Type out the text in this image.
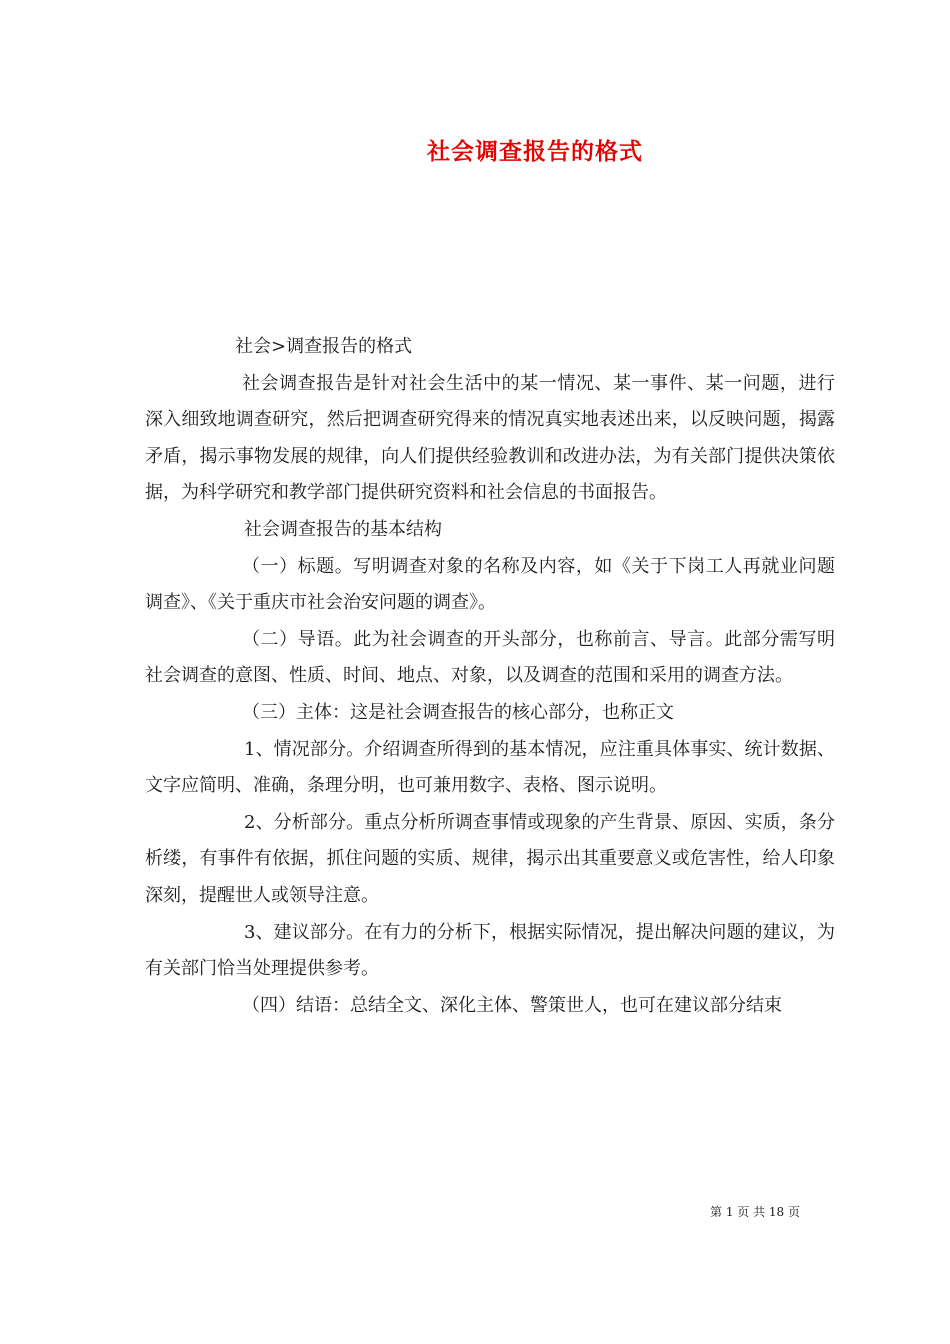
社会调查报告的格式

社会>调查报告的格式

社会调查报告是针对社会生活中的某一情况、某一事件、某一问题，进行深入细致地调查研究，然后把调查研究得来的情况真实地表述出来，以反映问题，揭露矛盾，揭示事物发展的规律，向人们提供经验教训和改进办法，为有关部门提供决策依据，为科学研究和教学部门提供研究资料和社会信息的书面报告。

社会调查报告的基本结构

（一）标题。写明调查对象的名称及内容，如《关于下岗工人再就业问题调查》、《关于重庆市社会治安问题的调查》。

（二）导语。此为社会调查的开头部分，也称前言、导言。此部分需写明社会调查的意图、性质、时间、地点、对象，以及调查的范围和采用的调查方法。

（三）主体：这是社会调查报告的核心部分，也称正文

1、情况部分。介绍调查所得到的基本情况，应注重具体事实、统计数据、文字应简明、准确，条理分明，也可兼用数字、表格、图示说明。

2、分析部分。重点分析所调查事情或现象的产生背景、原因、实质，条分析缕，有事件有依据，抓住问题的实质、规律，揭示出其重要意义或危害性，给人印象深刻，提醒世人或领导注意。

3、建议部分。在有力的分析下，根据实际情况，提出解决问题的建议，为有关部门恰当处理提供参考。

（四）结语：总结全文、深化主体、警策世人，也可在建议部分结束

第 1 页 共 18 页
